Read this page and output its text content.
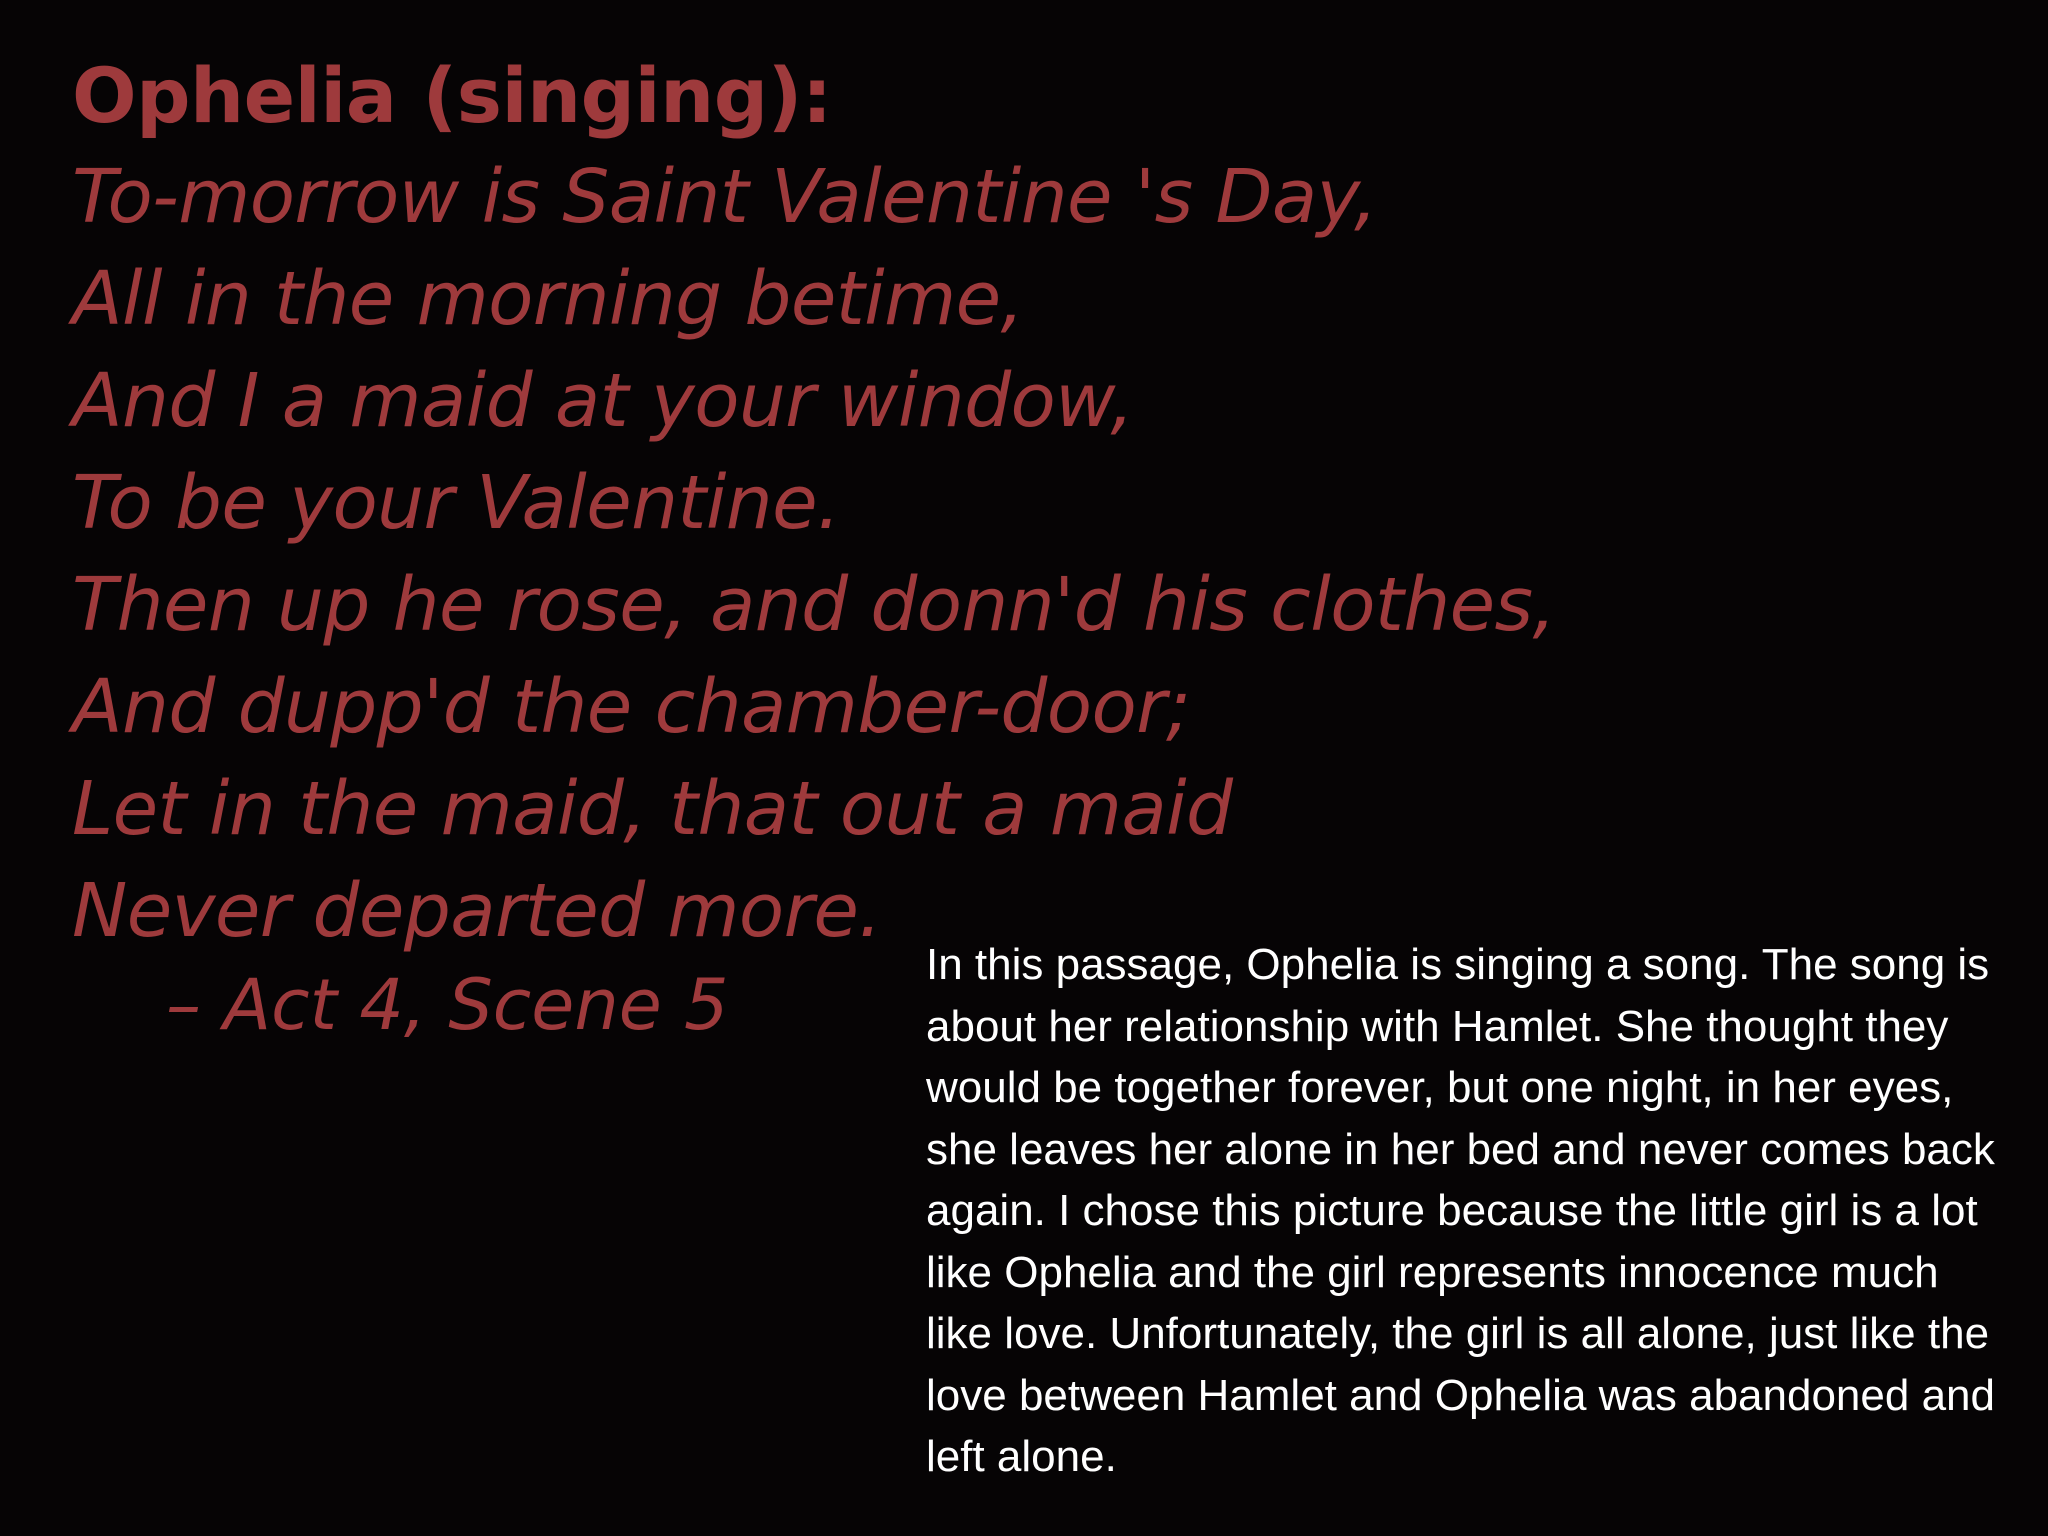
Ophelia (singing):
To-morrow is Saint Valentine 's Day,
All in the morning betime,
And I a maid at your window,
To be your Valentine.
Then up he rose, and donn'd his clothes,
And dupp'd the chamber-door;
Let in the maid, that out a maid
Never departed more.
– Act 4, Scene 5	In this passage, Ophelia is singing a song. The song is about her relationship with Hamlet. She thought they would be together forever, but one night, in her eyes, she leaves her alone in her bed and never comes back again. I chose this picture because the little girl is a lot like Ophelia and the girl represents innocence much like love. Unfortunately, the girl is all alone, just like the love between Hamlet and Ophelia was abandoned and left alone.
